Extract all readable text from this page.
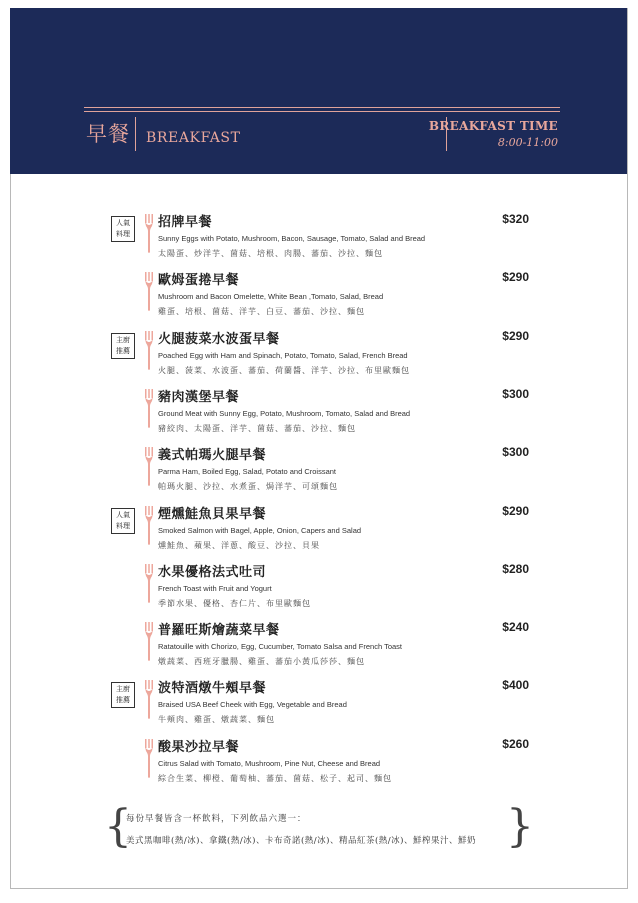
早餐 BREAKFAST
BREAKFAST TIME
8:00-11:00
人氣
料理
招牌早餐	$320
Sunny Eggs with Potato, Mushroom, Bacon, Sausage, Tomato, Salad and Bread
太陽蛋、炒洋芋、菌菇、培根、肉腸、蕃茄、沙拉、麵包
歐姆蛋捲早餐	$290
Mushroom and Bacon Omelette, White Bean ,Tomato, Salad, Bread
雞蛋、培根、菌菇、洋芋、白豆、蕃茄、沙拉、麵包
主廚
推薦
火腿菠菜水波蛋早餐	$290
Poached Egg with Ham and Spinach, Potato, Tomato, Salad, French Bread
火腿、菠菜、水波蛋、蕃茄、荷蘭醬、洋芋、沙拉、布里歐麵包
豬肉漢堡早餐	$300
Ground Meat with Sunny Egg, Potato, Mushroom, Tomato, Salad and Bread
豬絞肉、太陽蛋、洋芋、菌菇、蕃茄、沙拉、麵包
義式帕瑪火腿早餐	$300
Parma Ham, Boiled Egg, Salad, Potato and Croissant
帕瑪火腿、沙拉、水煮蛋、焗洋芋、可頌麵包
人氣
料理
煙燻鮭魚貝果早餐	$290
Smoked Salmon with Bagel, Apple, Onion, Capers and Salad
燻鮭魚、蘋果、洋蔥、酸豆、沙拉、貝果
水果優格法式吐司	$280
French Toast with Fruit and Yogurt
季節水果、優格、杏仁片、布里歐麵包
普羅旺斯燴蔬菜早餐	$240
Ratatouille with Chorizo, Egg, Cucumber, Tomato Salsa and French Toast
燉蔬菜、西班牙臘腸、雞蛋、蕃茄小黃瓜莎莎、麵包
主廚
推薦
波特酒燉牛頰早餐	$400
Braised USA Beef Cheek with Egg, Vegetable and Bread
牛頰肉、雞蛋、燉蔬菜、麵包
酸果沙拉早餐	$260
Citrus Salad with Tomato, Mushroom, Pine Nut, Cheese and Bread
綜合生菜、柳橙、葡萄柚、蕃茄、菌菇、松子、起司、麵包
{
每份早餐皆含一杯飲料，下列飲品六選一：
美式黑咖啡(熱/冰)、拿鐵(熱/冰)、卡布奇諾(熱/冰)、精品紅茶(熱/冰)、鮮榨果汁、鮮奶 }
